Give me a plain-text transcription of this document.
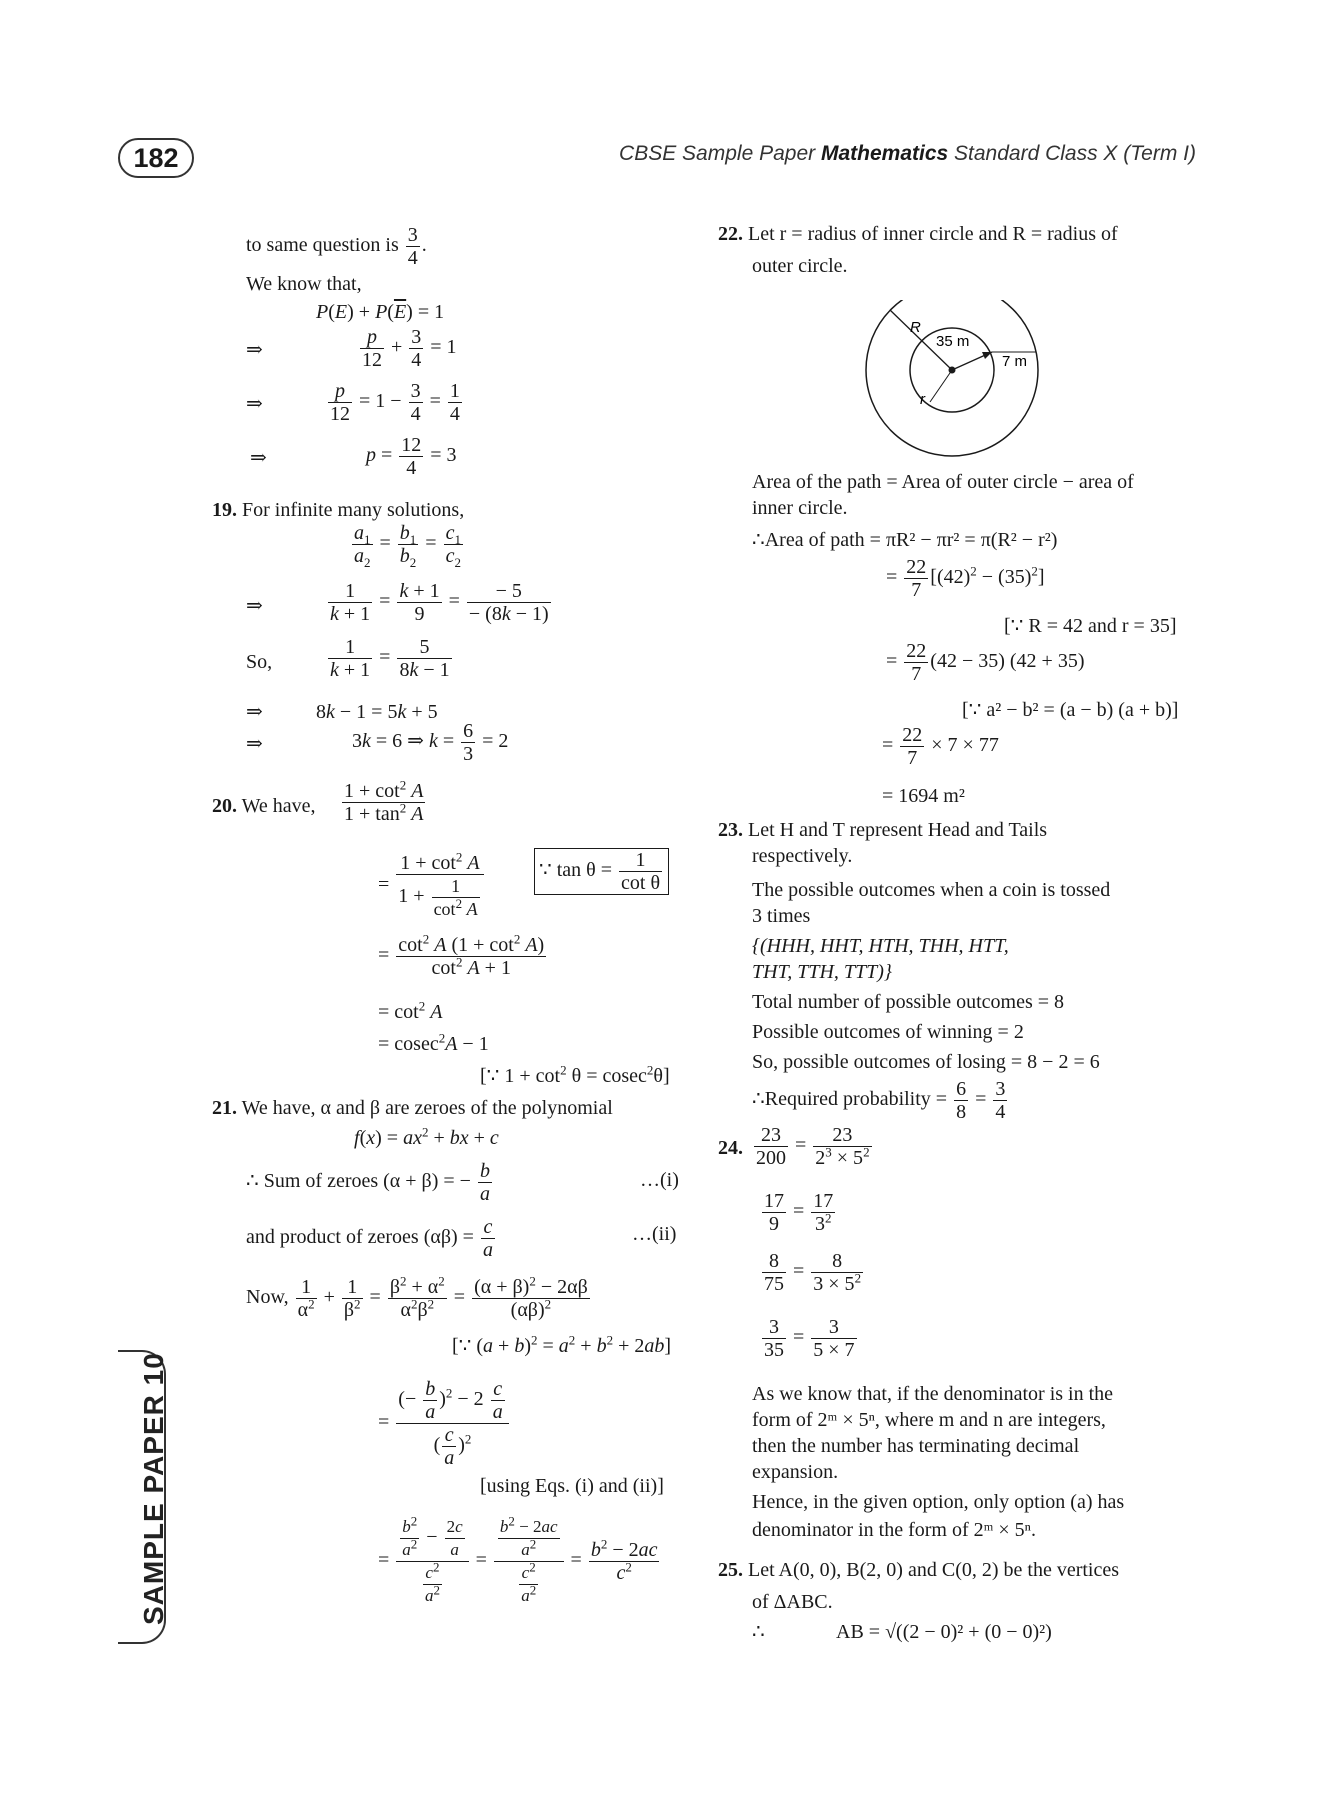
182	CBSE Sample Paper Mathematics Standard Class X (Term I)
SAMPLE PAPER 10
to same question is $\frac{3}{4}$ .
We know that,
$P(E) + P(\overline{E}) = 1$
⇒	$\frac{p}{12} + \frac{3}{4} = 1$
⇒	$\frac{p}{12} = 1 - \frac{3}{4} = \frac{1}{4}$
⇒	$p = \frac{12}{4} = 3$
19. For infinite many solutions,
$\frac{a_1}{a_2} = \frac{b_1}{b_2} = \frac{c_1}{c_2}$
⇒	$\frac{1}{k + 1} = \frac{k + 1}{9} = \frac{- 5}{- (8k - 1)}$
So,	$\frac{1}{k + 1} = \frac{5}{8k - 1}$
⇒	8k − 1 = 5k + 5
⇒	3k = 6 ⇒ $k = \frac{6}{3} = 2$
20. We have, $\frac{1 + \cot^2 A}{1 + \tan^2 A}$
= $\frac{1 + \cot^2 A}{1 + \frac{1}{\cot^2 A}}$	∵ $\tan \theta = \frac{1}{\text{cot θ}}$
= $\frac{\cot^2 A (1 + \cot^2 A)}{\cot^2 A + 1}$
= $\cot^2 A$
= cosec$^2$A − 1
[∵ $1 + \cot^2 \theta = cosec^2\theta$]
21. We have, α and β are zeroes of the polynomial
$f(x) = ax^2$ + bx + c
∴ Sum of zeroes (α + β) = − $\frac{b}{a}$	…(i)
and product of zeroes $(\alpha\beta) = \frac{c}{a}$	…(ii)
Now, $\frac{1}{\alpha^2} + \frac{1}{\beta^2} = \frac{\beta^2 + \alpha^2}{\alpha^2\beta^2} = \frac{(\alpha + \beta)^2 - 2\alpha\beta}{(\alpha\beta)^2}$
[∵ $(a + b)^2 = a^2 + b^2 + 2ab$]
= $\frac{(- \frac{b}{a} )^2 - 2 \frac{c}{a}}{( \frac{c}{a} )^2}$
[using Eqs. (i) and (ii)]
= $\frac{\frac{b^2}{a^2} - \frac{2c}{a}}{\frac{c^2}{a^2}} = \frac{b^2 - 2ac}{a^2}$
$\frac{c^2}{a^2}$
= $\frac{b^2 - 2ac}{c^2}$
22. Let r = radius of inner circle and R = radius of
outer circle.
R
35 m
7 m
r
Area of the path = Area of outer circle − area of
inner circle.
∴Area of path = πR² − πr² = π(R² − r²)
= $\frac{22}{7} [(42)^2 - (35)^2]$
[∵ R = 42 and r = 35]
= $\frac{22}{7} (42 - 35) (42 + 35)$
[∵ a² − b² = (a − b) (a + b)]
= $\frac{22}{7} \times 7 \times 77$
= 1694 m²
23. Let H and T represent Head and Tails
respectively.
The possible outcomes when a coin is tossed
3 times
{(HHH, HHT, HTH, THH, HTT,
THT, TTH, TTT)}
Total number of possible outcomes = 8
Possible outcomes of winning = 2
So, possible outcomes of losing = 8 − 2 = 6
∴Required probability = $\frac{6}{8} = \frac{3}{4}$
24. $\frac{23}{200} = \frac{23}{2^3 \times 5^2}$
$\frac{17}{9} = \frac{17}{3^2}$
$\frac{8}{75} = \frac{8}{3 \times 5^2}$
$\frac{3}{35} = \frac{3}{5 \times 7}$
As we know that, if the denominator is in the
form of 2ᵐ × 5ⁿ, where m and n are integers,
then the number has terminating decimal
expansion.
Hence, in the given option, only option (a) has
denominator in the form of 2ᵐ × 5ⁿ.
25. Let A(0, 0), B(2, 0) and C(0, 2) be the vertices
of ΔABC.
∴	AB = √((2 − 0)² + (0 − 0)²)
